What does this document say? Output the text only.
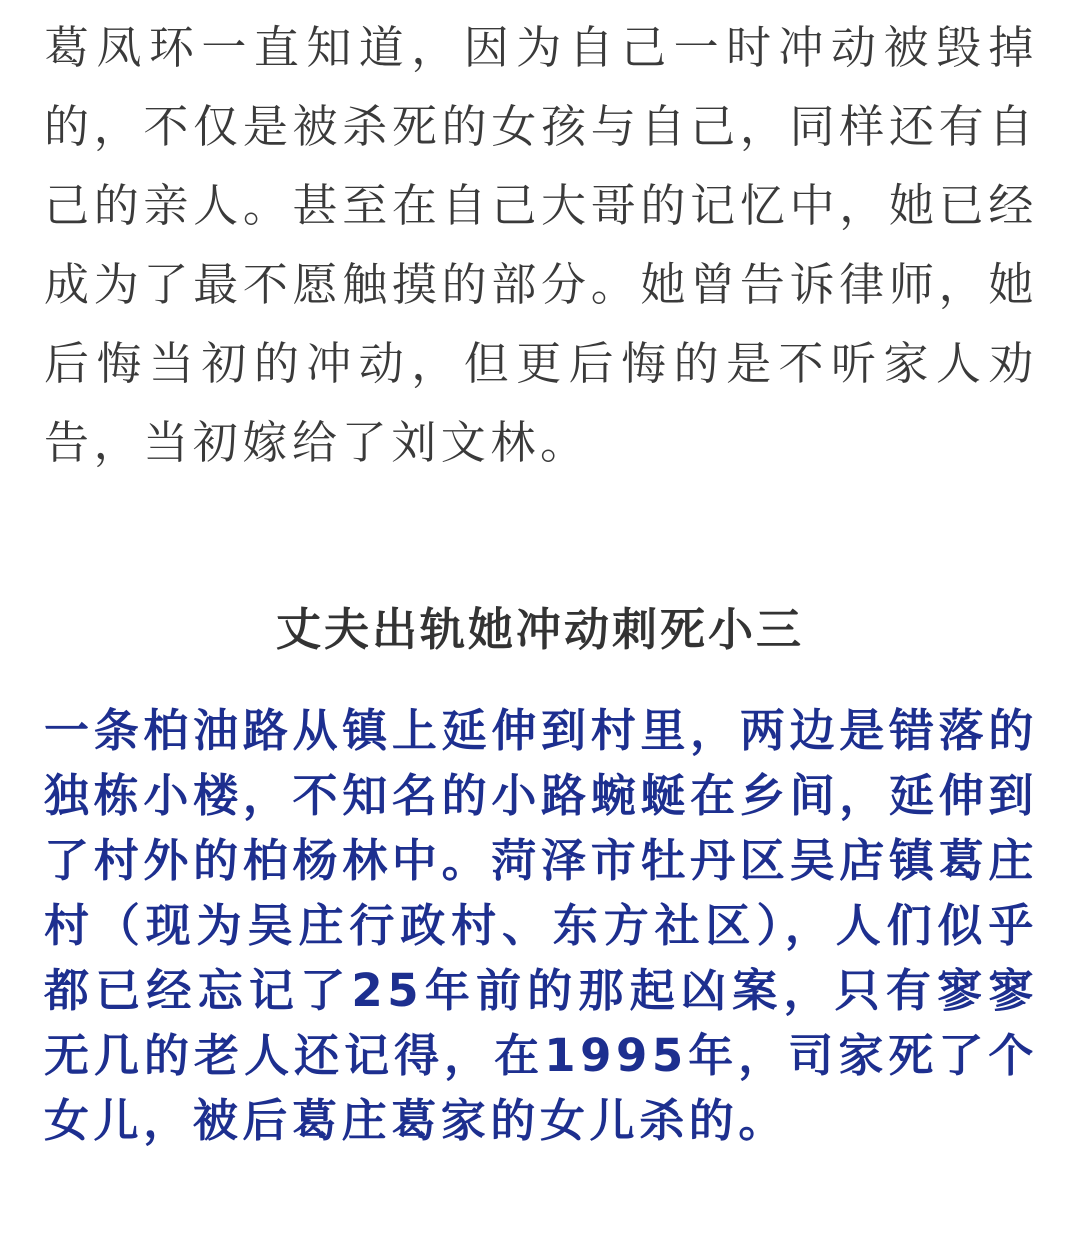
葛凤环一直知道，因为自己一时冲动被毁掉的，不仅是被杀死的女孩与自己，同样还有自己的亲人。甚至在自己大哥的记忆中，她已经成为了最不愿触摸的部分。她曾告诉律师，她后悔当初的冲动，但更后悔的是不听家人劝告，当初嫁给了刘文林。

丈夫出轨她冲动刺死小三

一条柏油路从镇上延伸到村里，两边是错落的独栋小楼，不知名的小路蜿蜒在乡间，延伸到了村外的柏杨林中。菏泽市牡丹区吴店镇葛庄村（现为吴庄行政村、东方社区），人们似乎都已经忘记了25年前的那起凶案，只有寥寥无几的老人还记得，在1995年，司家死了个女儿，被后葛庄葛家的女儿杀的。
